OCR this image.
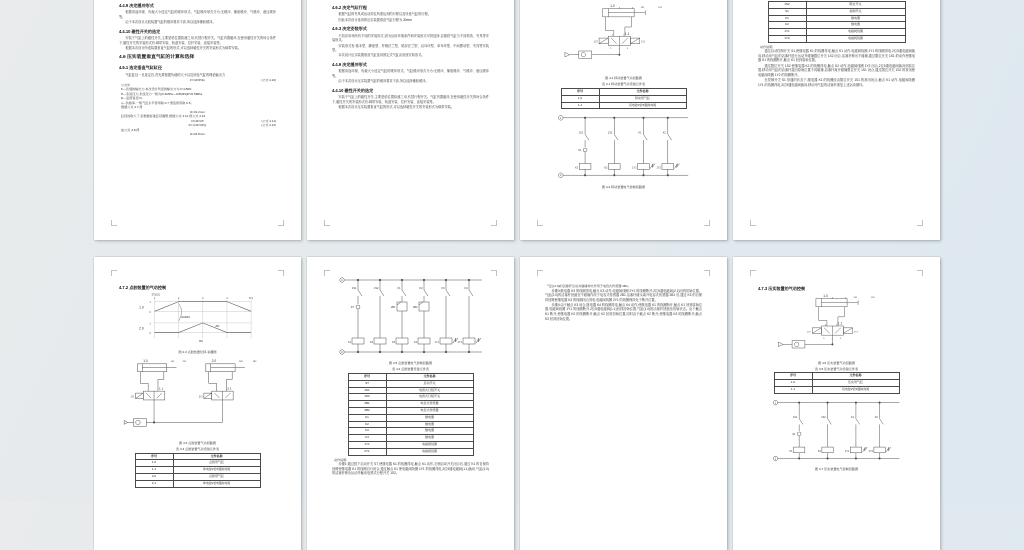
4.4.9 决定缓冲形式

根据用途环境、负载大小选定气缸的缓冲形式。气缸缓冲形式分为:无缓冲、橡胶缓冲、气缓冲、液压缓冲等。

由于本次设计点胶装置气缸的缓冲要求不高,所以选择橡胶缓冲。

4.4.10 磁性开关的选定

安装于气缸上的磁性开关,主要是给位置检测之用,代替行程开关。气缸内置磁环,在使用磁性开关的场合条件下,磁性开关的安装形式有:绑带安装、轨道安装、拉杆安装、直接安装等。

根据本次设计所选装置垂直气缸的形式,可以选择磁性开关的安装形式为绑带安装。

4.6 压实装置垂直气缸的计算和选择
4.6.1 选定垂直气缸缸径

气缸缸径一旦选定后,首先要根据负载的大小以及所选气缸的理论输出力

F=πD²P/4η	(公式 4.10)

公式中

F—负载的输出力,本次设计所需的输出力为 F=150N

P—系统压力,系统压力一般为(0.4MPa—0.8MPa)P=0.5MPa

D—缸筒直径 D,

η—负载率,一般气缸水平使用取 0.7,垂直使用取 0.5。

根据公式 4.7,得

D≈31.2mm

缸径选取大了,需根据标准缸径圆整,根据公式 4.11,得公式 4.12

D=4F/πP	(公式 4.11)
D=√(4F/πPη)	(公式 4.12)

由公式 4.8,得

D≈24.8mm
4.6.2 决定气缸行程

根据气缸的夹具或运动到位所需达到的行程以及所选气缸的行程。

因此本次设计选用的压实装置垂直气缸行程为 30mm

4.6.3 决定安装形式

不同应用场所有不同的安装形式,因为运用环境条件和安装形式可供选择,以便将气缸与不同构造、夹具等安装形式。

安装形式有:基本型、脚座型、杆侧法兰型、尾部法兰型、双耳环型、单耳环型、中间摆动型、夹具等安装型。

本次设计压实装置垂直气缸选用固定式气缸由底座安装形式。

4.4.9 决定缓冲形式

根据用途环境、负载大小选定气缸的缓冲形式。气缸缓冲形式分为:无缓冲、橡胶缓冲、气缓冲、液压缓冲等。

由于本次设计压实装置气缸的缓冲要求不高,所以选择橡胶缓冲。

4.4.10 磁性开关的选定

安装于气缸上的磁性开关,主要是给位置检测之用,代替行程开关。气缸内置磁环,在使用磁性开关的场合条件下,磁性开关的安装形式有:绑带安装、轨道安装、拉杆安装、直接安装等。

根据本次设计压实装置垂直气缸的形式,可以选择磁性开关的安装形式为绑带安装。

1.0	1S1	1S2
1.1
1Y2	1Y1
4	2
5	1	3
图 4.1 移动装置气动回路图
表 4.1 移动装置气动设备元件表
序号	元件名称
1.0	移动用气缸
1.1	双电控2位5通换向阀
1
2
1S1	1S2	K1	K2
S1
K1	K2	1Y1	1Y2
图 4.2 移动装置电气控制回路图
1S2	限位开关
S1	控制开关
K1	继电器
K2	继电器
1Y1	电磁阀线圈
1Y2	电磁阀线圈

动作说明:

通过启动控制开关 S1,使继电器 K1 的线圈得电,触点 K1 动作,电磁阀线圈 1Y1 的线圈得电,2位5通电磁阀换向,移动用气缸的活塞杆进行运动并碰撞限位开关 1S2 闭合,活塞杆伸出不碰撞,通过限位开关 1S1 的动作使继电器 K1 的线圈断开,触点 K1 回到原始位置。

通过限位开关 1S2 使继电器 K2 的线圈得电,触点 K2 动作,电磁阀线圈 1Y2 闭合,2位5通电磁阀换向到原位置,移动用气缸的活塞杆退回原始位置不再碰撞,活塞杆离开碰撞限位开关 1S1 闭合,通过限位开关 1S2 的常闭使电磁阀线圈 1Y2 的线圈断开。

在控制开关 S1 常通的状态下,继电器 K1 的线圈经由限位开关 1S1 的常闭闭合,触点 K1 动作,电磁阀线圈 1Y1 的线圈得电,2位5通电磁阀换向,移动用气缸的活塞杆重复上述运动循环。

4.7.2 点胶装置的气动控制
1.0
1
0
2.0
1
0
1	2	3	4	5=1
ST&1S1
1S2&2B1
2B2
2B1
图 4.3 点胶装置位移-步骤图
1.0	1S1	1S2
1.1
1Y1
2.0	2B1	2B2
2.1
2Y1
图 4.4 点胶装置气动回路图
表 4.3 点胶装置气动设备元件表
序号	元件名称
1.0	点胶用气缸
1.1	单电控2位5通换向阀
2.0	点胶用气缸
2.1	单电控2位5通换向阀
1
2
1S1	1S2	K1	K2	K3	K4
ST	2B1	2B2
K1	K2	K3	K4	1Y1	2Y1
图 4.5 点胶装置电气控制回路图
表 4.4 点胶装置设备元件表
序号	元件名称
ST	启动开关
1S1	电感式行程开关
1S2	电感式行程开关
2B1	电容式传感器
2B2	电容式传感器
K1	继电器
K2	继电器
K3	继电器
K4	继电器
1Y1	电磁阀线圈
2Y1	电磁阀线圈

动作说明:

步骤1:通过按下启动开关 ST 使继电器 K1 的线圈得电,触点 K1 动作,左侧启动开关闭合后,通过 K1 的自保持回路使继电器 K1 的线圈自行闭合,通过触点 K1 使电磁阀线圈 1Y1 的线圈得电,2位5通电磁阀(1.1)换向,气缸(1.0)的活塞杆伸出运动并触动电感式行程开关 1S2。

气缸(2.0)的活塞杆运动并碰撞伸出作用于电容式传感器 2B1。

步骤3:继电器 K3 的线圈得电,触点 K3 动作,电磁阀线圈 2Y1 的线圈断开,2位5通电磁阀(2.1)回到初始位置。气缸(2.0)的活塞杆回缩至不碰撞作用于电容式传感器 2B1,活塞杆碰头离开电容式传感器 2B1 后,通过 K3 的自保持回路使继电器 K3 的线圈闭合得电,电磁阀线圈 2Y1 的线圈保持处于断开位置。

步骤4:由于触点 K3 闭合,继电器 K4 的线圈得电,触点 K4 动作,使继电器 K1 的线圈断开,触点 K1 回到原始位置,电磁阀线圈 1Y1 的线圈断开,2位5通电磁阀(1.1)回到初始位置,气缸(1.0)的活塞杆回缩至初始状态。由于触点 K1 断开,使继电器 K2 的线圈断开,触点 K2 回到初始位置,同时由于触点 K2 断开,使继电器 K3 的线圈断开,触点 K3 回到初始位置。

4.7.3 压实装置的气动控制
1.0	1S1	1S2
1.1
1Y2	1Y1
4	2
5	1	3
图 4.6 压实装置气动回路图
表 4.5 压实装置气动设备元件表
序号	元件名称
1.0	压实用气缸
1.1	双电控2位5通换向阀
1
2
1S1	1S2	K1	K2
S1
K1	K2	1Y1	1Y2
图 4.7 压实装置电气控制回路图
